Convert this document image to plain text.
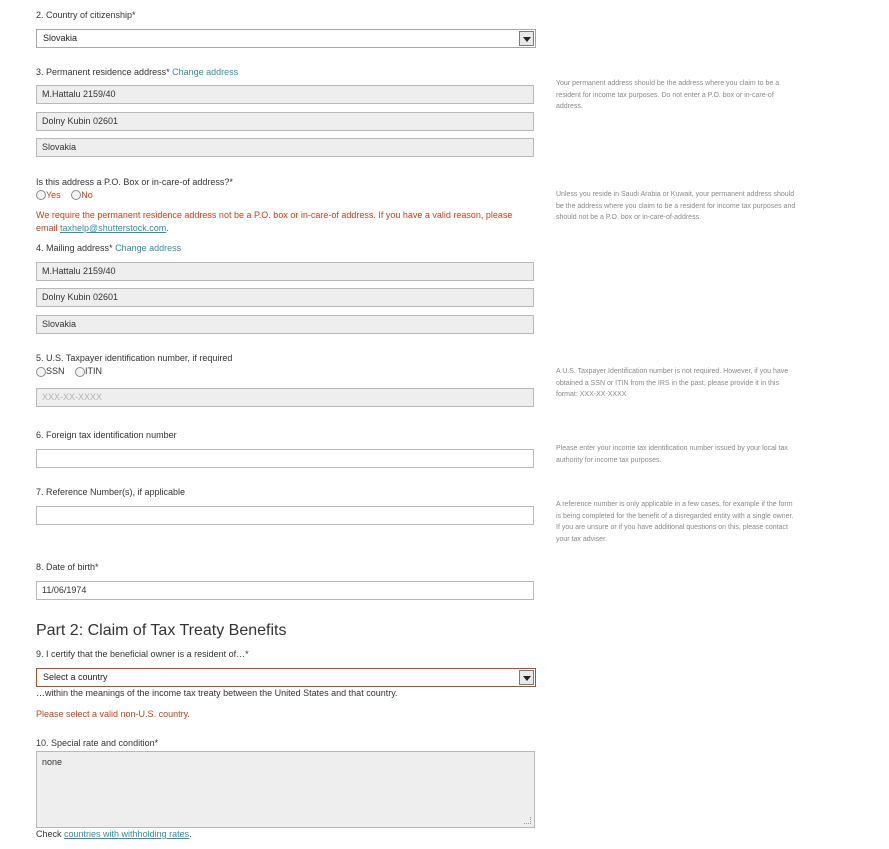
2. Country of citizenship*
Slovakia
3. Permanent residence address* Change address
M.Hattalu 2159/40
Dolny Kubin 02601
Slovakia
Your permanent address should be the address where you claim to be a resident for income tax purposes. Do not enter a P.O. box or in-care-of address.
Is this address a P.O. Box or in-care-of address?*
Yes No
We require the permanent residence address not be a P.O. box or in-care-of address. If you have a valid reason, please email taxhelp@shutterstock.com.
Unless you reside in Saudi Arabia or Kuwait, your permanent address should be the address where you claim to be a resident for income tax purposes and should not be a P.O. box or in-care-of-address.
4. Mailing address* Change address
M.Hattalu 2159/40
Dolny Kubin 02601
Slovakia
5. U.S. Taxpayer identification number, if required
SSN ITIN
XXX-XX-XXXX
A U.S. Taxpayer Identification number is not required. However, if you have obtained a SSN or ITIN from the IRS in the past, please provide it in this format: XXX-XX-XXXX
6. Foreign tax identification number
Please enter your income tax identification number issued by your local tax authority for income tax purposes.
7. Reference Number(s), if applicable
A reference number is only applicable in a few cases, for example if the form is being completed for the benefit of a disregarded entity with a single owner. If you are unsure or if you have additional questions on this, please contact your tax adviser.
8. Date of birth*
11/06/1974
Part 2: Claim of Tax Treaty Benefits
9. I certify that the beneficial owner is a resident of…*
Select a country
…within the meanings of the income tax treaty between the United States and that country.
Please select a valid non-U.S. country.
10. Special rate and condition*
none
Check countries with withholding rates.
